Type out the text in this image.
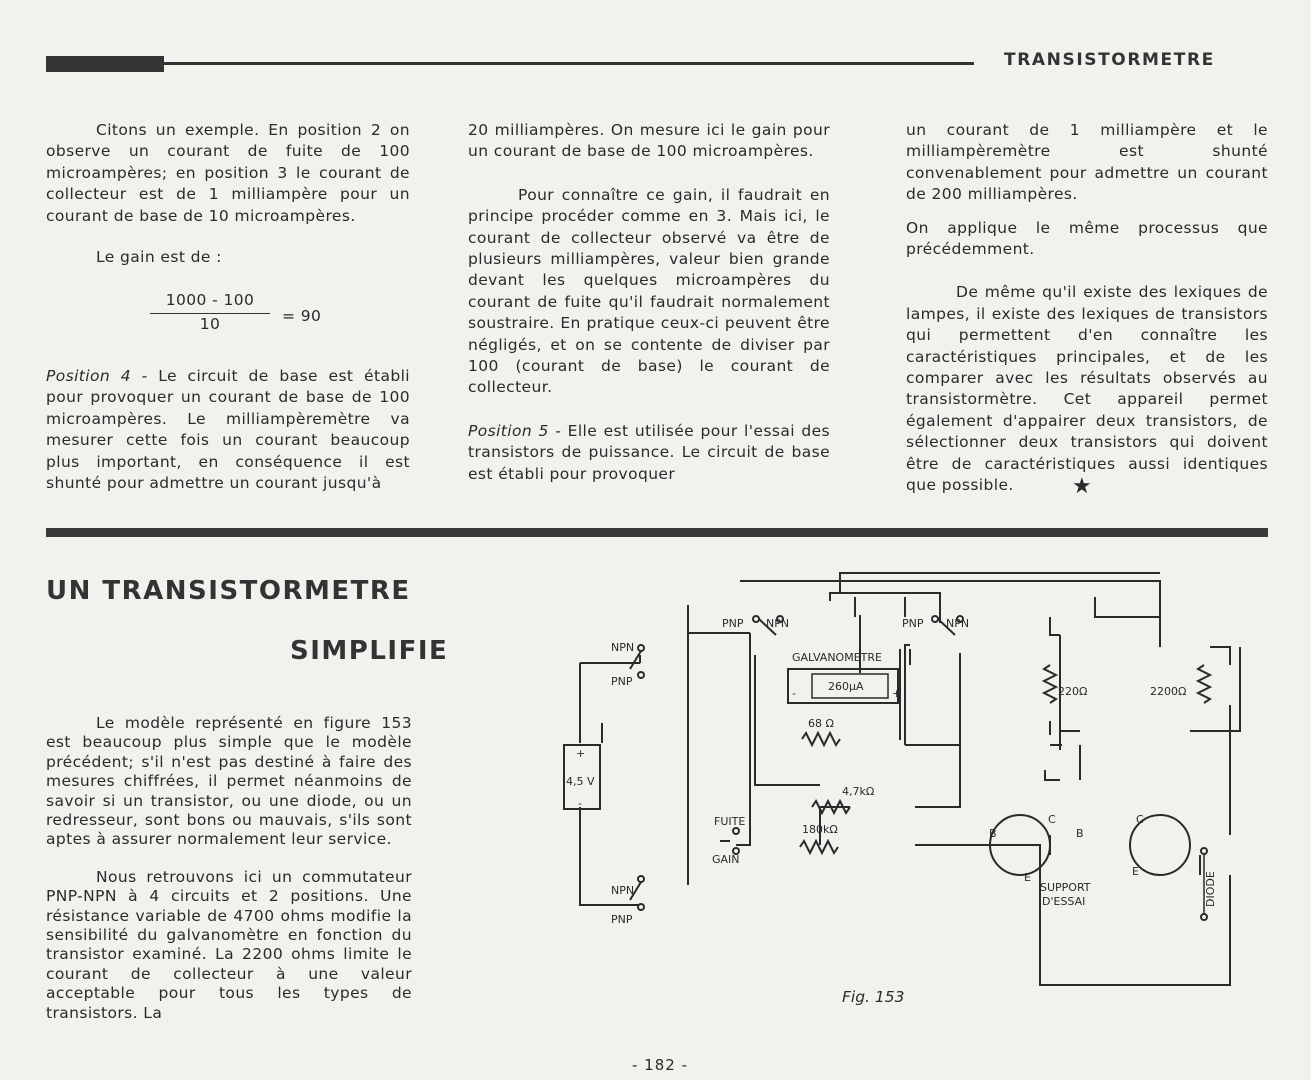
TRANSISTORMETRE

Citons un exemple. En position 2 on observe un courant de fuite de 100 microampères; en position 3 le courant de collecteur est de 1 milliampère pour un courant de base de 10 microampères.

Le gain est de :

$\frac{1000 - 100}{10} = 90$

Position 4 - Le circuit de base est établi pour provoquer un courant de base de 100 microampères. Le milliampèremètre va mesurer cette fois un courant beaucoup plus important, en conséquence il est shunté pour admettre un courant jusqu'à

20 milliampères. On mesure ici le gain pour un courant de base de 100 microampères.

Pour connaître ce gain, il faudrait en principe procéder comme en 3. Mais ici, le courant de collecteur observé va être de plusieurs milliampères, valeur bien grande devant les quelques microampères du courant de fuite qu'il faudrait normalement soustraire. En pratique ceux-ci peuvent être négligés, et on se contente de diviser par 100 (courant de base) le courant de collecteur.

Position 5 - Elle est utilisée pour l'essai des transistors de puissance. Le circuit de base est établi pour provoquer

un courant de 1 milliampère et le milliampèremètre est shunté convenablement pour admettre un courant de 200 milliampères.

On applique le même processus que précédemment.

De même qu'il existe des lexiques de lampes, il existe des lexiques de transistors qui permettent d'en connaître les caractéristiques principales, et de les comparer avec les résultats observés au transistormètre. Cet appareil permet également d'appairer deux transistors, de sélectionner deux transistors qui doivent être de caractéristiques aussi identiques que possible.	★
UN TRANSISTORMETRE
SIMPLIFIE

Le modèle représenté en figure 153 est beaucoup plus simple que le modèle précédent; s'il n'est pas destiné à faire des mesures chiffrées, il permet néanmoins de savoir si un transistor, ou une diode, ou un redresseur, sont bons ou mauvais, s'ils sont aptes à assurer normalement leur service.

Nous retrouvons ici un commutateur PNP-NPN à 4 circuits et 2 positions. Une résistance variable de 4700 ohms modifie la sensibilité du galvanomètre en fonction du transistor examiné. La 2200 ohms limite le courant de collecteur à une valeur acceptable pour tous les types de transistors. La

PNP NPN	PNP NPN
NPN
PNP
NPN
PNP
GALVANOMETRE
260µA
-	+
4,5 V
+
-
68 Ω
4,7kΩ
180kΩ
220Ω	2200Ω
FUITE
GAIN
SUPPORT
D'ESSAI
B
C
E
B
C
E	DIODE
Fig. 153
- 182 -
